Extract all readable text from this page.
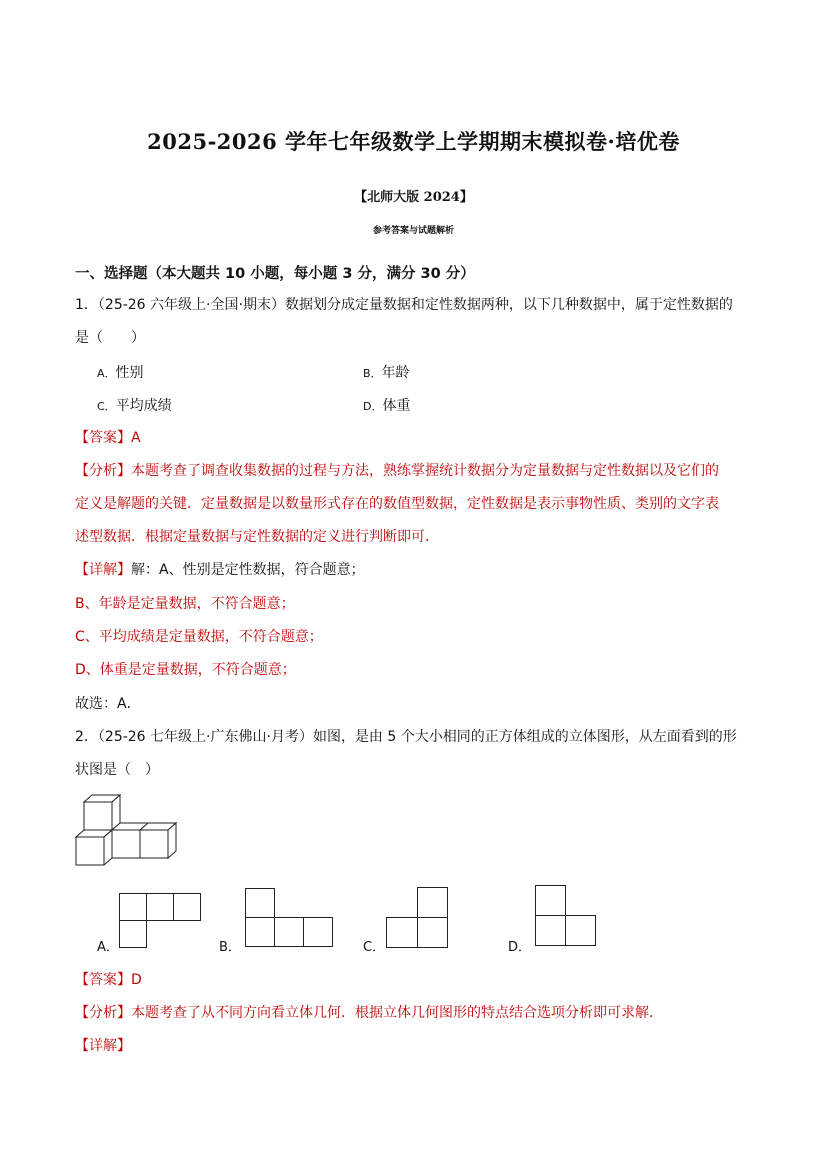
2025-2026 学年七年级数学上学期期末模拟卷·培优卷
【北师大版 2024】
参考答案与试题解析
一、选择题（本大题共 10 小题，每小题 3 分，满分 30 分）
1．（25-26 六年级上·全国·期末）数据划分成定量数据和定性数据两种，以下几种数据中，属于定性数据的
是（　　）
A．性别	B．年龄
C．平均成绩	D．体重
【答案】A
【分析】本题考查了调查收集数据的过程与方法，熟练掌握统计数据分为定量数据与定性数据以及它们的
定义是解题的关键．定量数据是以数量形式存在的数值型数据，定性数据是表示事物性质、类别的文字表
述型数据．根据定量数据与定性数据的定义进行判断即可．
【详解】解：A、性别是定性数据，符合题意；
B、年龄是定量数据，不符合题意；
C、平均成绩是定量数据，不符合题意；
D、体重是定量数据，不符合题意；
故选：A．
2．（25-26 七年级上·广东佛山·月考）如图，是由 5 个大小相同的正方体组成的立体图形，从左面看到的形
状图是（　）
A．	B．	C．	D．
【答案】D
【分析】本题考查了从不同方向看立体几何．根据立体几何图形的特点结合选项分析即可求解．
【详解】
